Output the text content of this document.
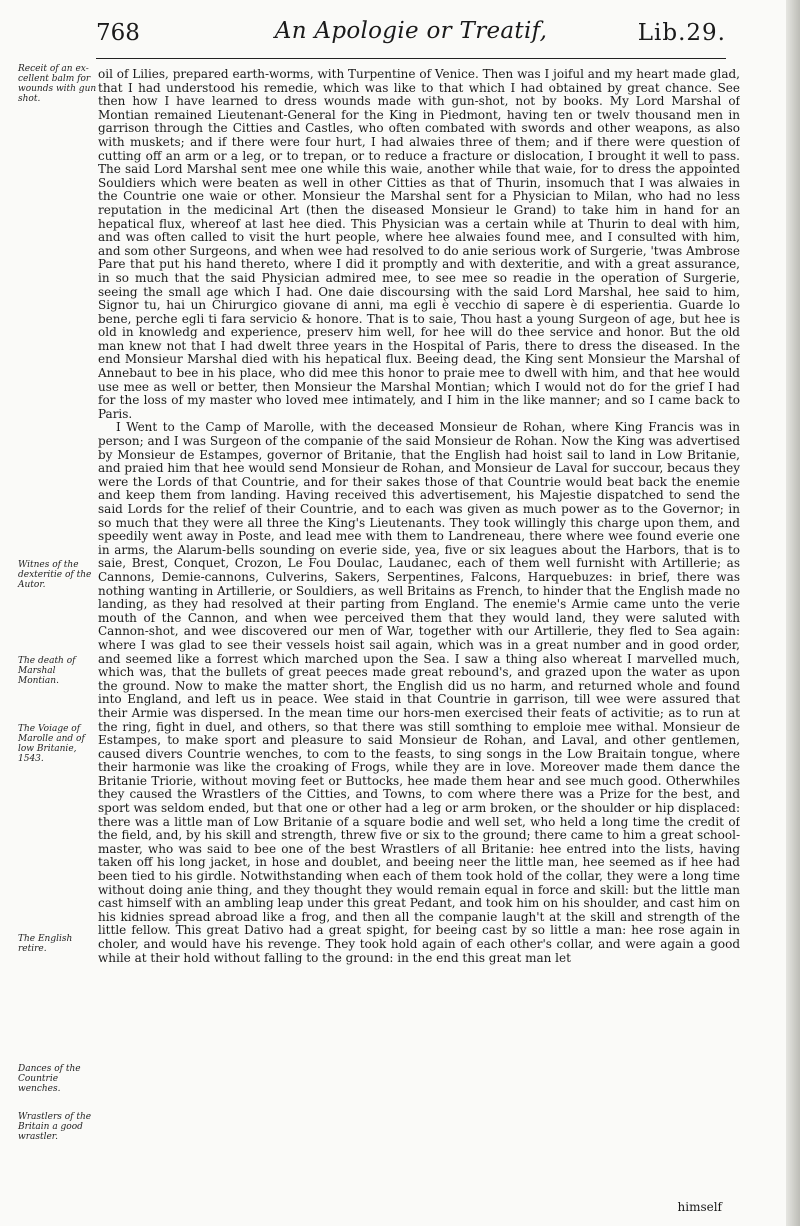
768	An Apologie or Treatif,	Lib.29.
Receit of an ex-cellent balm for wounds with gun shot.
Witnes of the dexteritie of the Autor.
The death of Marshal Montian.
The Voiage of Marolle and of low Britanie, 1543.
The English retire.
Dances of the Countrie wenches.
Wrastlers of the Britain a good wrastler.

oil of Lilies, prepared earth-worms, with Turpentine of Venice. Then was I joiful and my heart made glad, that I had understood his remedie, which was like to that which I had obtained by great chance. See then how I have learned to dress wounds made with gun-shot, not by books. My Lord Marshal of Montian remained Lieutenant-General for the King in Piedmont, having ten or twelv thousand men in garrison through the Citties and Castles, who often combated with swords and other weapons, as also with muskets; and if there were four hurt, I had alwaies three of them; and if there were question of cutting off an arm or a leg, or to trepan, or to reduce a fracture or dislocation, I brought it well to pass. The said Lord Marshal sent mee one while this waie, another while that waie, for to dress the appointed Souldiers which were beaten as well in other Citties as that of Thurin, insomuch that I was alwaies in the Countrie one waie or other. Monsieur the Marshal sent for a Physician to Milan, who had no less reputation in the medicinal Art (then the diseased Monsieur le Grand) to take him in hand for an hepatical flux, whereof at last hee died. This Physician was a certain while at Thurin to deal with him, and was often called to visit the hurt people, where hee alwaies found mee, and I consulted with him, and som other Surgeons, and when wee had resolved to do anie serious work of Surgerie, 'twas Ambrose Pare that put his hand thereto, where I did it promptly and with dexteritie, and with a great assurance, in so much that the said Physician admired mee, to see mee so readie in the operation of Surgerie, seeing the small age which I had. One daie discoursing with the said Lord Marshal, hee said to him, Signor tu, hai un Chirurgico giovane di anni, ma egli è vecchio di sapere è di esperientia. Guarde lo bene, perche egli ti fara servicio & honore. That is to saie, Thou hast a young Surgeon of age, but hee is old in knowledg and experience, preserv him well, for hee will do thee service and honor. But the old man knew not that I had dwelt three years in the Hospital of Paris, there to dress the diseased. In the end Monsieur Marshal died with his hepatical flux. Beeing dead, the King sent Monsieur the Marshal of Annebaut to bee in his place, who did mee this honor to praie mee to dwell with him, and that hee would use mee as well or better, then Monsieur the Marshal Montian; which I would not do for the grief I had for the loss of my master who loved mee intimately, and I him in the like manner; and so I came back to Paris.

I Went to the Camp of Marolle, with the deceased Monsieur de Rohan, where King Francis was in person; and I was Surgeon of the companie of the said Monsieur de Rohan. Now the King was advertised by Monsieur de Estampes, governor of Britanie, that the English had hoist sail to land in Low Britanie, and praied him that hee would send Monsieur de Rohan, and Monsieur de Laval for succour, becaus they were the Lords of that Countrie, and for their sakes those of that Countrie would beat back the enemie and keep them from landing. Having received this advertisement, his Majestie dispatched to send the said Lords for the relief of their Countrie, and to each was given as much power as to the Governor; in so much that they were all three the King's Lieutenants. They took willingly this charge upon them, and speedily went away in Poste, and lead mee with them to Landreneau, there where wee found everie one in arms, the Alarum-bells sounding on everie side, yea, five or six leagues about the Harbors, that is to saie, Brest, Conquet, Crozon, Le Fou Doulac, Laudanec, each of them well furnisht with Artillerie; as Cannons, Demie-cannons, Culverins, Sakers, Serpentines, Falcons, Harquebuzes: in brief, there was nothing wanting in Artillerie, or Souldiers, as well Britains as French, to hinder that the English made no landing, as they had resolved at their parting from England. The enemie's Armie came unto the verie mouth of the Cannon, and when wee perceived them that they would land, they were saluted with Cannon-shot, and wee discovered our men of War, together with our Artillerie, they fled to Sea again: where I was glad to see their vessels hoist sail again, which was in a great number and in good order, and seemed like a forrest which marched upon the Sea. I saw a thing also whereat I marvelled much, which was, that the bullets of great peeces made great rebound's, and grazed upon the water as upon the ground. Now to make the matter short, the English did us no harm, and returned whole and found into England, and left us in peace. Wee staid in that Countrie in garrison, till wee were assured that their Armie was dispersed. In the mean time our hors-men exercised their feats of activitie; as to run at the ring, fight in duel, and others, so that there was still somthing to emploie mee withal. Monsieur de Estampes, to make sport and pleasure to said Monsieur de Rohan, and Laval, and other gentlemen, caused divers Countrie wenches, to com to the feasts, to sing songs in the Low Braitain tongue, where their harmonie was like the croaking of Frogs, while they are in love. Moreover made them dance the Britanie Triorie, without moving feet or Buttocks, hee made them hear and see much good. Otherwhiles they caused the Wrastlers of the Citties, and Towns, to com where there was a Prize for the best, and sport was seldom ended, but that one or other had a leg or arm broken, or the shoulder or hip displaced: there was a little man of Low Britanie of a square bodie and well set, who held a long time the credit of the field, and, by his skill and strength, threw five or six to the ground; there came to him a great school-master, who was said to bee one of the best Wrastlers of all Britanie: hee entred into the lists, having taken off his long jacket, in hose and doublet, and beeing neer the little man, hee seemed as if hee had been tied to his girdle. Notwithstanding when each of them took hold of the collar, they were a long time without doing anie thing, and they thought they would remain equal in force and skill: but the little man cast himself with an ambling leap under this great Pedant, and took him on his shoulder, and cast him on his kidnies spread abroad like a frog, and then all the companie laugh't at the skill and strength of the little fellow. This great Dativo had a great spight, for beeing cast by so little a man: hee rose again in choler, and would have his revenge. They took hold again of each other's collar, and were again a good while at their hold without falling to the ground: in the end this great man let

himself
